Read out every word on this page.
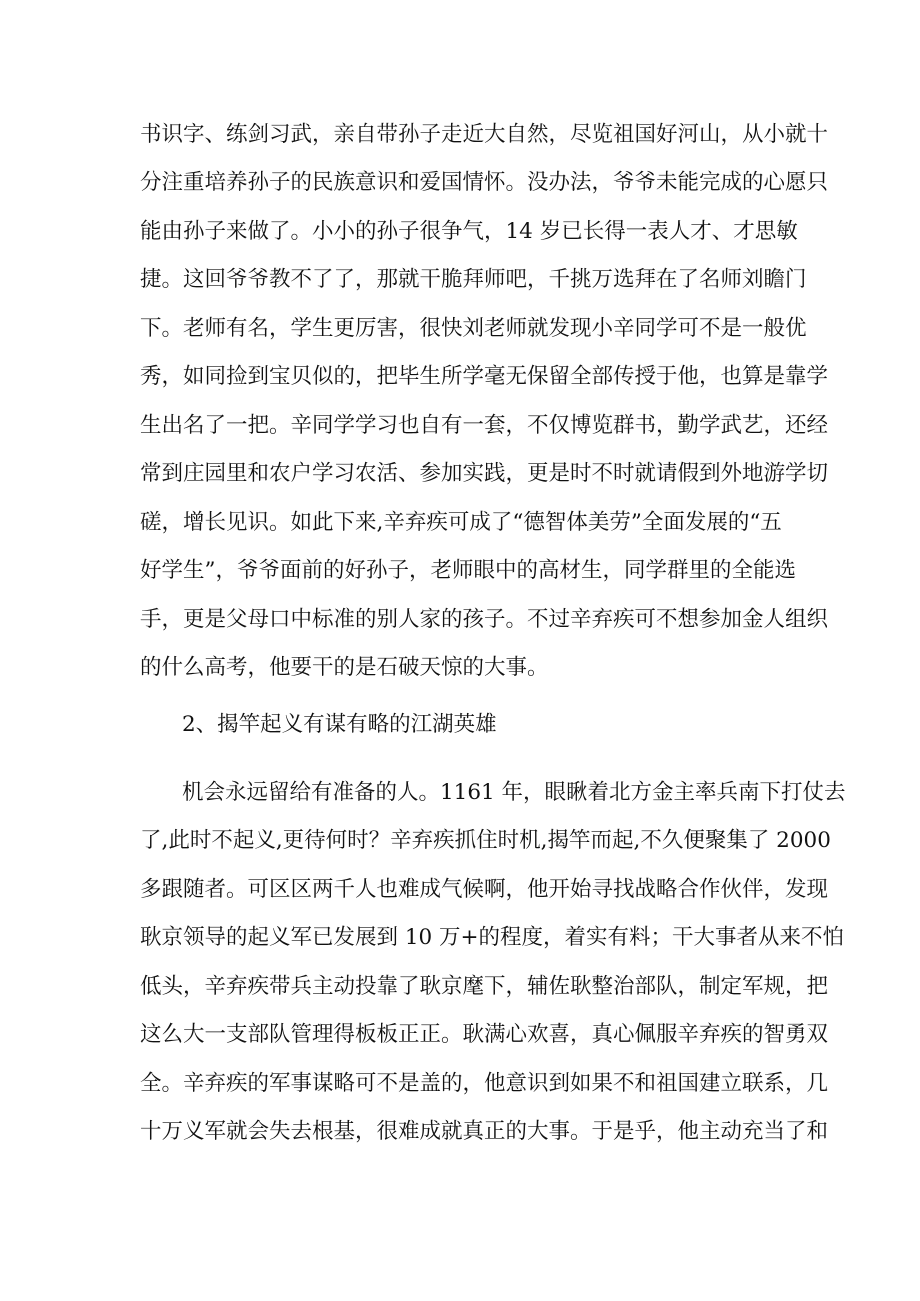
书识字、练剑习武，亲自带孙子走近大自然，尽览祖国好河山，从小就十
分注重培养孙子的民族意识和爱国情怀。没办法，爷爷未能完成的心愿只
能由孙子来做了。小小的孙子很争气，14 岁已长得一表人才、才思敏
捷。这回爷爷教不了了，那就干脆拜师吧，千挑万选拜在了名师刘瞻门
下。老师有名，学生更厉害，很快刘老师就发现小辛同学可不是一般优
秀，如同捡到宝贝似的，把毕生所学毫无保留全部传授于他，也算是靠学
生出名了一把。辛同学学习也自有一套，不仅博览群书，勤学武艺，还经
常到庄园里和农户学习农活、参加实践，更是时不时就请假到外地游学切
磋，增长见识。如此下来,辛弃疾可成了“德智体美劳”全面发展的“五
好学生”，爷爷面前的好孙子，老师眼中的高材生，同学群里的全能选
手，更是父母口中标准的别人家的孩子。不过辛弃疾可不想参加金人组织
的什么高考，他要干的是石破天惊的大事。
2、揭竿起义有谋有略的江湖英雄
机会永远留给有准备的人。1161 年，眼瞅着北方金主率兵南下打仗去
了,此时不起义,更待何时？辛弃疾抓住时机,揭竿而起,不久便聚集了 2000
多跟随者。可区区两千人也难成气候啊，他开始寻找战略合作伙伴，发现
耿京领导的起义军已发展到 10 万+的程度，着实有料；干大事者从来不怕
低头，辛弃疾带兵主动投靠了耿京麾下，辅佐耿整治部队，制定军规，把
这么大一支部队管理得板板正正。耿满心欢喜，真心佩服辛弃疾的智勇双
全。辛弃疾的军事谋略可不是盖的，他意识到如果不和祖国建立联系，几
十万义军就会失去根基，很难成就真正的大事。于是乎，他主动充当了和
